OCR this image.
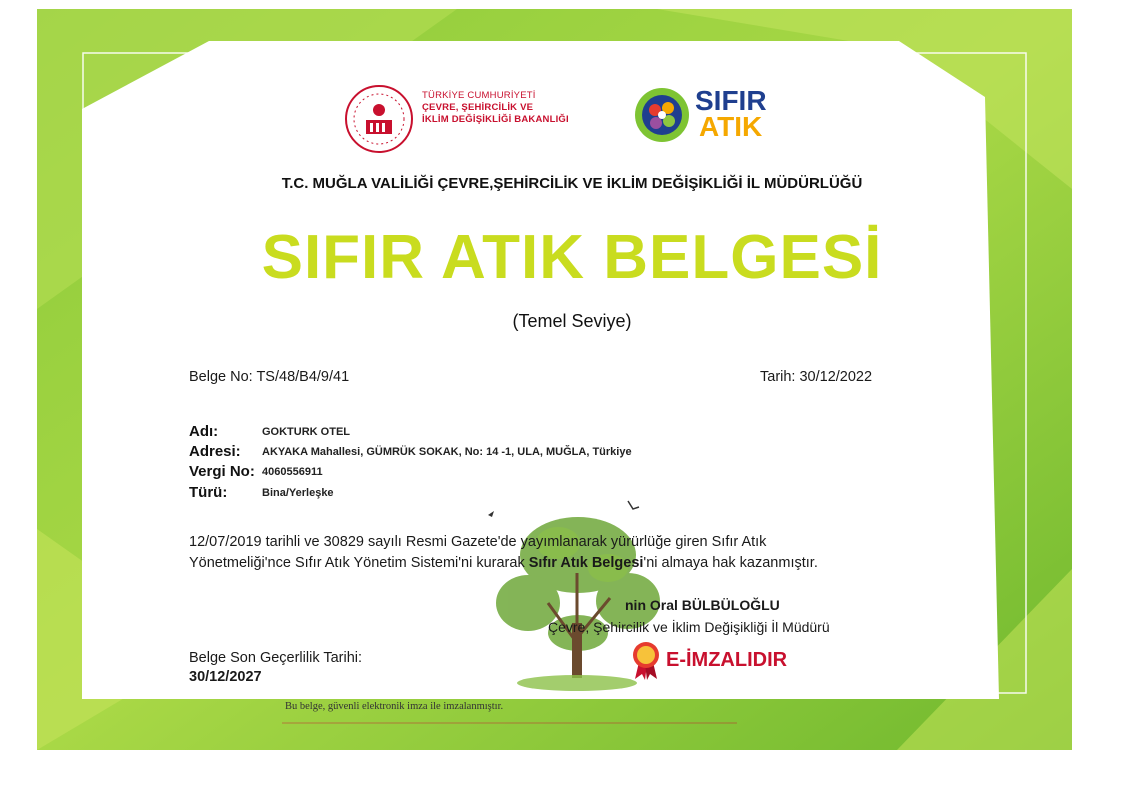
TÜRKİYE CUMHURİYETİ
ÇEVRE, ŞEHİRCİLİK VE
İKLİM DEĞİŞİKLİĞİ BAKANLIĞI
SIFIR
ATIK
T.C. MUĞLA VALİLİĞİ ÇEVRE,ŞEHİRCİLİK VE İKLİM DEĞİŞİKLİĞİ İL MÜDÜRLÜĞÜ
SIFIR ATIK BELGESİ
(Temel Seviye)
Belge No: TS/48/B4/9/41	Tarih: 30/12/2022
Adı:	GOKTURK OTEL
Adresi: AKYAKA Mahallesi, GÜMRÜK SOKAK, No: 14 -1, ULA, MUĞLA, Türkiye
Vergi No: 4060556911
Türü:	Bina/Yerleşke
12/07/2019 tarihli ve 30829 sayılı Resmi Gazete'de yayımlanarak yürürlüğe giren Sıfır Atık
Yönetmeliği'nce Sıfır Atık Yönetim Sistemi'ni kurarak Sıfır Atık Belgesi'ni almaya hak kazanmıştır.
nin Oral BÜLBÜLOĞLU
Çevre, Şehircilik ve İklim Değişikliği İl Müdürü
Belge Son Geçerlilik Tarihi:
30/12/2027
E-İMZALIDIR
Bu belge, güvenli elektronik imza ile imzalanmıştır.
